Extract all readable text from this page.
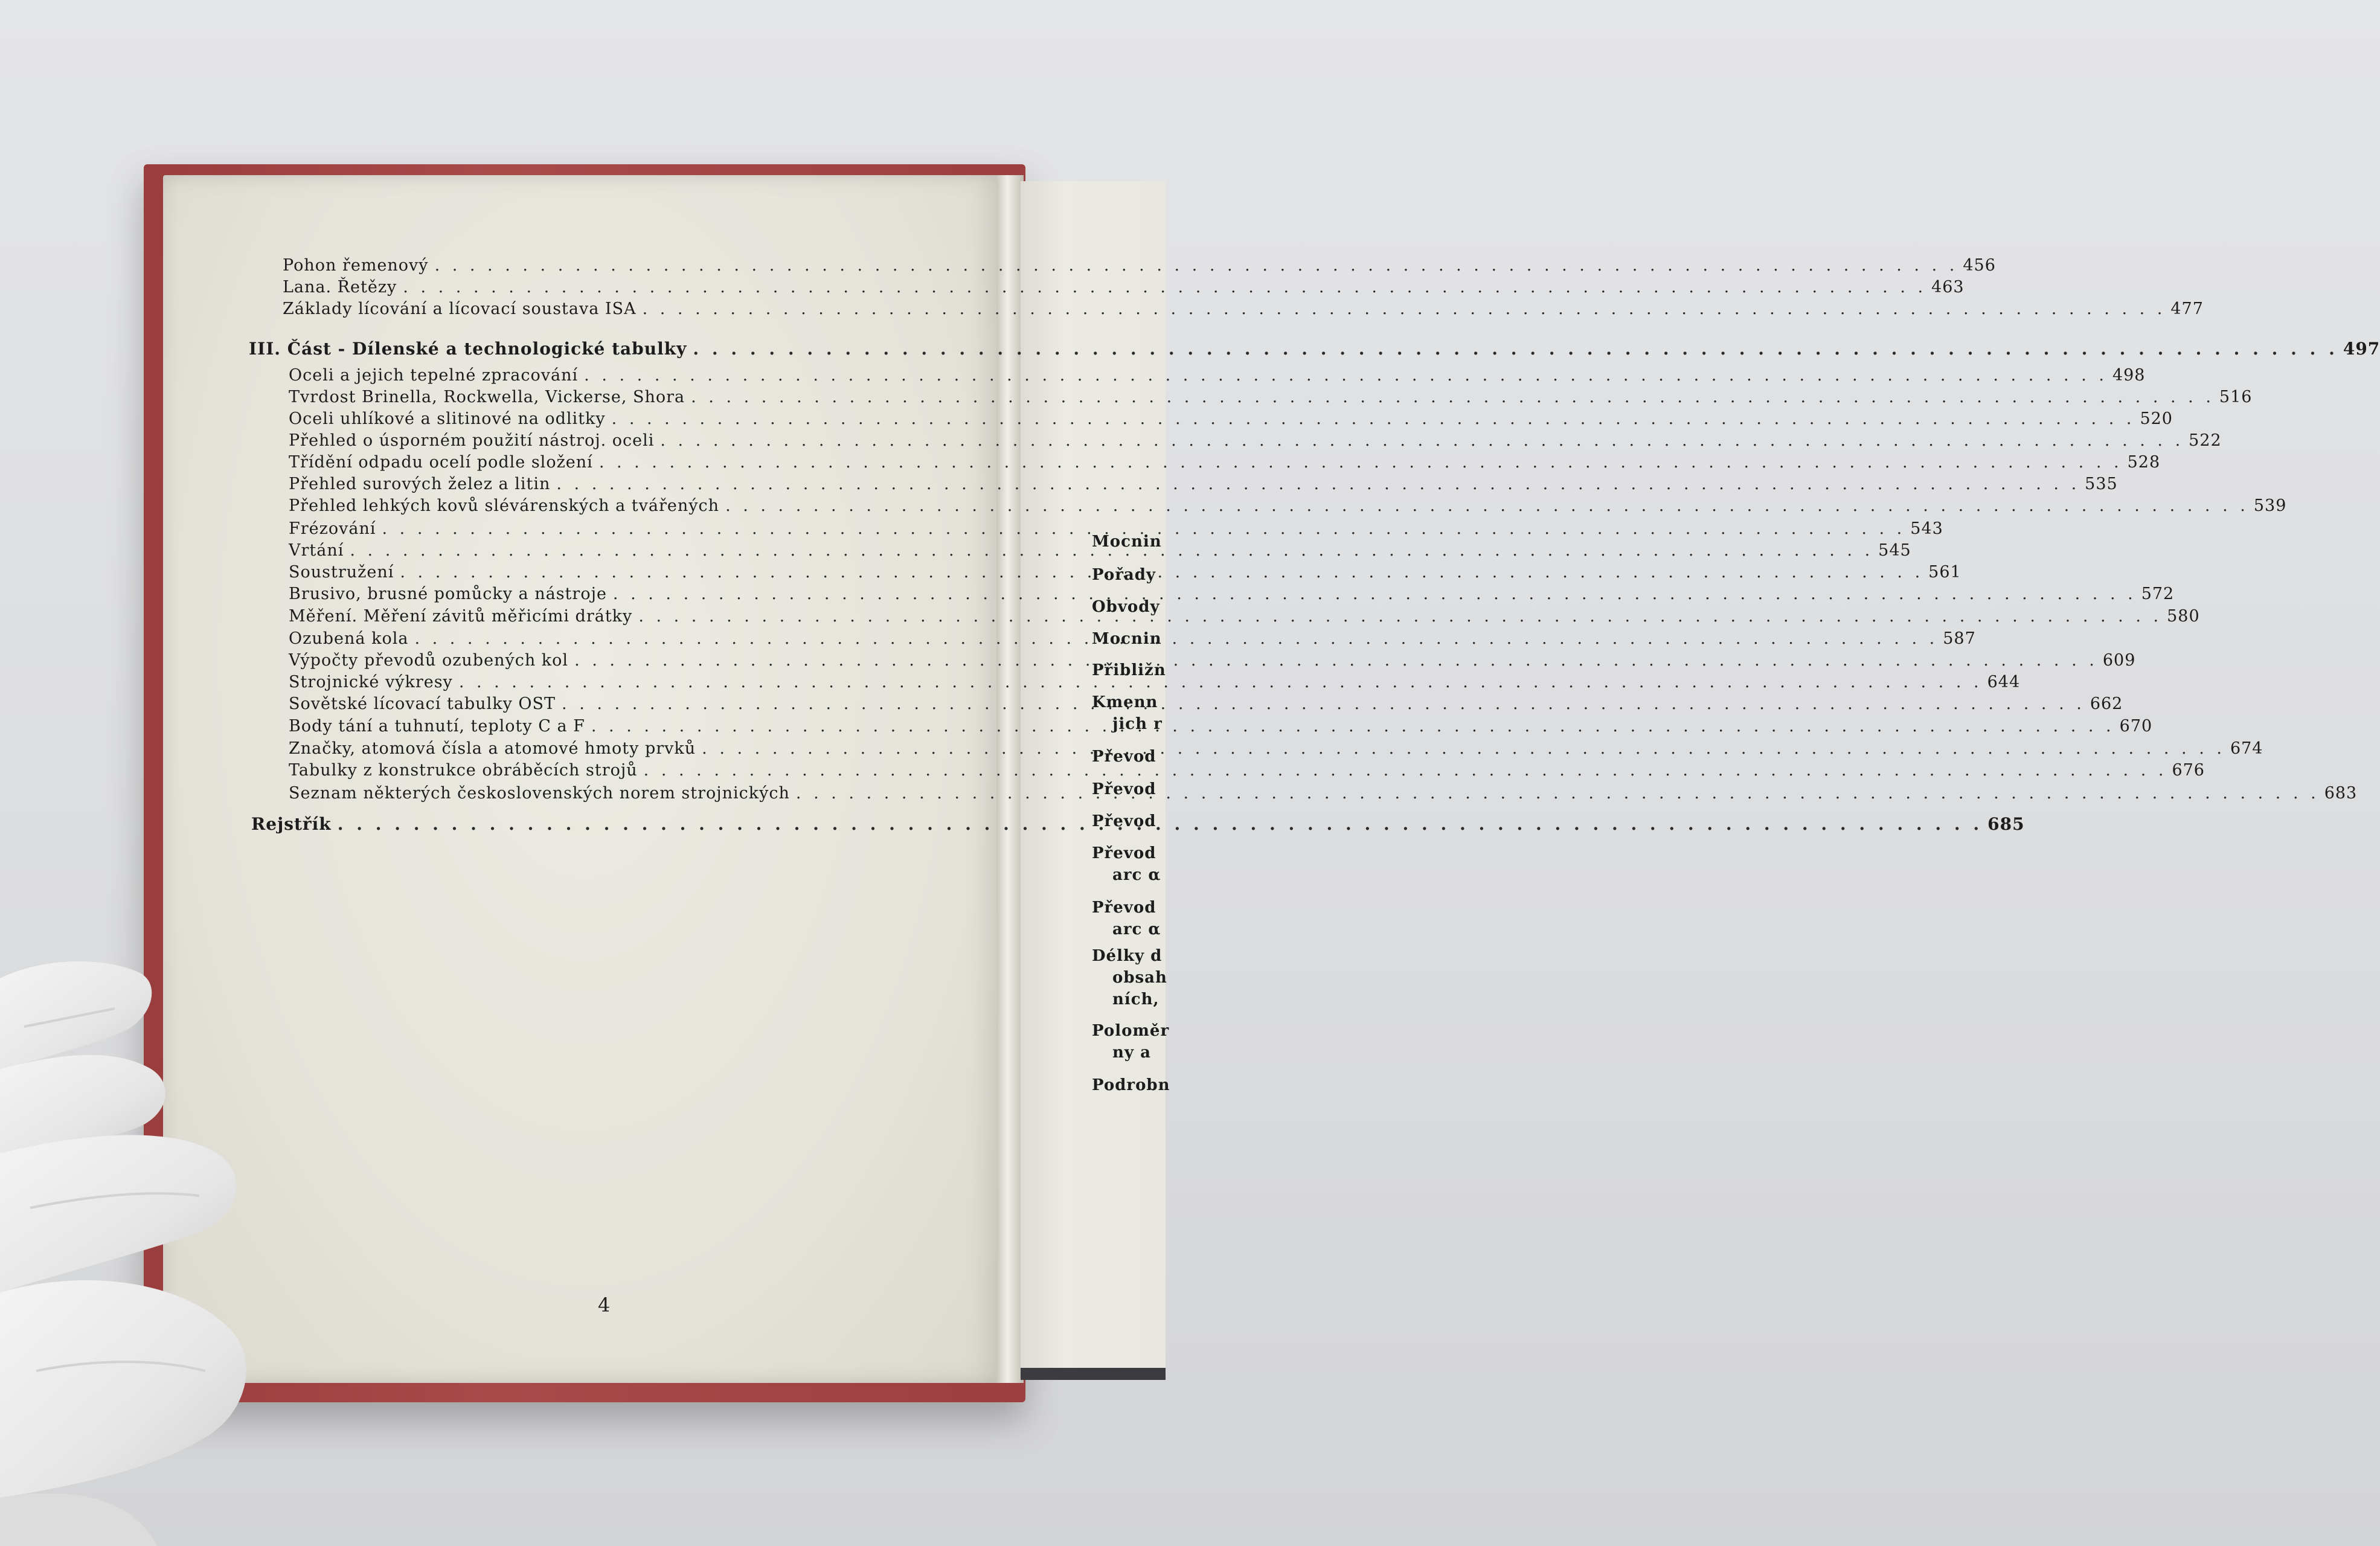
Pohon řemenový . . .	456
Lana. Řetězy . . .	463
Základy lícování a lícovací soustava ISA . . .	477
III. Část - Dílenské a technologické tabulky . . .	497
Oceli a jejich tepelné zpracování . . .	498
Tvrdost Brinella, Rockwella, Vickerse, Shora . . .	516
Oceli uhlíkové a slitinové na odlitky . . .	520
Přehled o úsporném použití nástroj. oceli . . .	522
Třídění odpadu ocelí podle složení . . .	528
Přehled surových želez a litin . . .	535
Přehled lehkých kovů slévárenských a tvářených . . .	539
Frézování . . .	543
Vrtání . . .	545
Soustružení . . .	561
Brusivo, brusné pomůcky a nástroje . . .	572
Měření. Měření závitů měřicími drátky . . .	580
Ozubená kola . . .	587
Výpočty převodů ozubených kol . . .	609
Strojnické výkresy . . .	644
Sovětské lícovací tabulky OST . . .	662
Body tání a tuhnutí, teploty C a F . . .	670
Značky, atomová čísla a atomové hmoty prvků . . .	674
Tabulky z konstrukce obráběcích strojů . . .	676
Seznam některých československých norem strojnických . . .	683
Rejstřík . . .	685
4
Mocnin
Pořady
Obvody
Mocnin
Přibližn
Kmenn
jich r
Převod
Převod
Převod
Převod
arc α
Převod
arc α
Délky d
obsah
ních,
Poloměr
ny a
Podrobn
